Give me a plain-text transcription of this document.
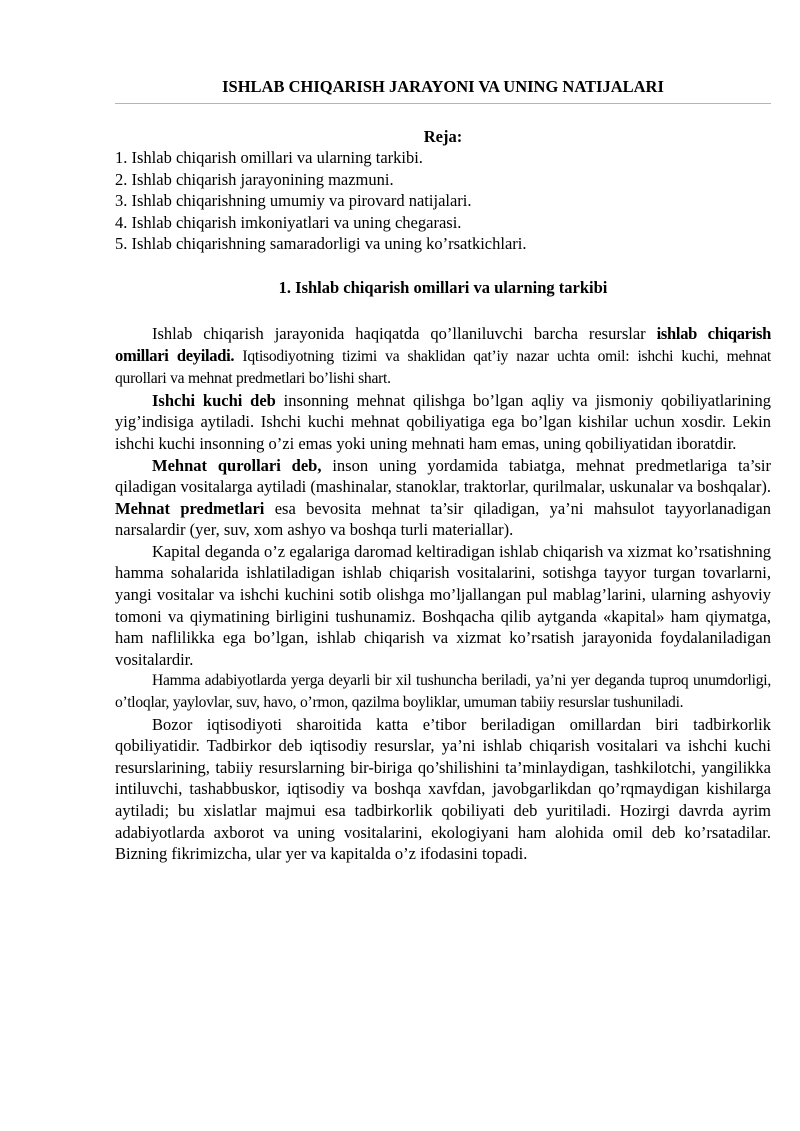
ISHLAB CHIQARISH JARAYONI VA UNING NATIJALARI

Reja:

1. Ishlab chiqarish omillari va ularning tarkibi.
2. Ishlab chiqarish jarayonining mazmuni.
3. Ishlab chiqarishning umumiy va pirovard natijalari.
4. Ishlab chiqarish imkoniyatlari va uning chegarasi.
5. Ishlab chiqarishning samaradorligi va uning ko’rsatkichlari.
1. Ishlab chiqarish omillari va ularning tarkibi

Ishlab chiqarish jarayonida haqiqatda qo’llaniluvchi barcha resurslar ishlab chiqarish omillari deyiladi. Iqtisodiyotning tizimi va shaklidan qat’iy nazar uchta omil: ishchi kuchi, mehnat qurollari va mehnat predmetlari bo’lishi shart.

Ishchi kuchi deb insonning mehnat qilishga bo’lgan aqliy va jismoniy qobiliyatlarining yig’indisiga aytiladi. Ishchi kuchi mehnat qobiliyatiga ega bo’lgan kishilar uchun xosdir. Lekin ishchi kuchi insonning o’zi emas yoki uning mehnati ham emas, uning qobiliyatidan iboratdir.

Mehnat qurollari deb, inson uning yordamida tabiatga, mehnat predmetlariga ta’sir qiladigan vositalarga aytiladi (mashinalar, stanoklar, traktorlar, qurilmalar, uskunalar va boshqalar). Mehnat predmetlari esa bevosita mehnat ta’sir qiladigan, ya’ni mahsulot tayyorlanadigan narsalardir (yer, suv, xom ashyo va boshqa turli materiallar).

Kapital deganda o’z egalariga daromad keltiradigan ishlab chiqarish va xizmat ko’rsatishning hamma sohalarida ishlatiladigan ishlab chiqarish vositalarini, sotishga tayyor turgan tovarlarni, yangi vositalar va ishchi kuchini sotib olishga mo’ljallangan pul mablag’larini, ularning ashyoviy tomoni va qiymatining birligini tushunamiz. Boshqacha qilib aytganda «kapital» ham qiymatga, ham naflilikka ega bo’lgan, ishlab chiqarish va xizmat ko’rsatish jarayonida foydalaniladigan vositalardir.

Hamma adabiyotlarda yerga deyarli bir xil tushuncha beriladi, ya’ni yer deganda tuproq unumdorligi, o’tloqlar, yaylovlar, suv, havo, o’rmon, qazilma boyliklar, umuman tabiiy resurslar tushuniladi.

Bozor iqtisodiyoti sharoitida katta e’tibor beriladigan omillardan biri tadbirkorlik qobiliyatidir. Tadbirkor deb iqtisodiy resurslar, ya’ni ishlab chiqarish vositalari va ishchi kuchi resurslarining, tabiiy resurslarning bir-biriga qo’shilishini ta’minlaydigan, tashkilotchi, yangilikka intiluvchi, tashabbuskor, iqtisodiy va boshqa xavfdan, javobgarlikdan qo’rqmaydigan kishilarga aytiladi; bu xislatlar majmui esa tadbirkorlik qobiliyati deb yuritiladi. Hozirgi davrda ayrim adabiyotlarda axborot va uning vositalarini, ekologiyani ham alohida omil deb ko’rsatadilar. Bizning fikrimizcha, ular yer va kapitalda o’z ifodasini topadi.
